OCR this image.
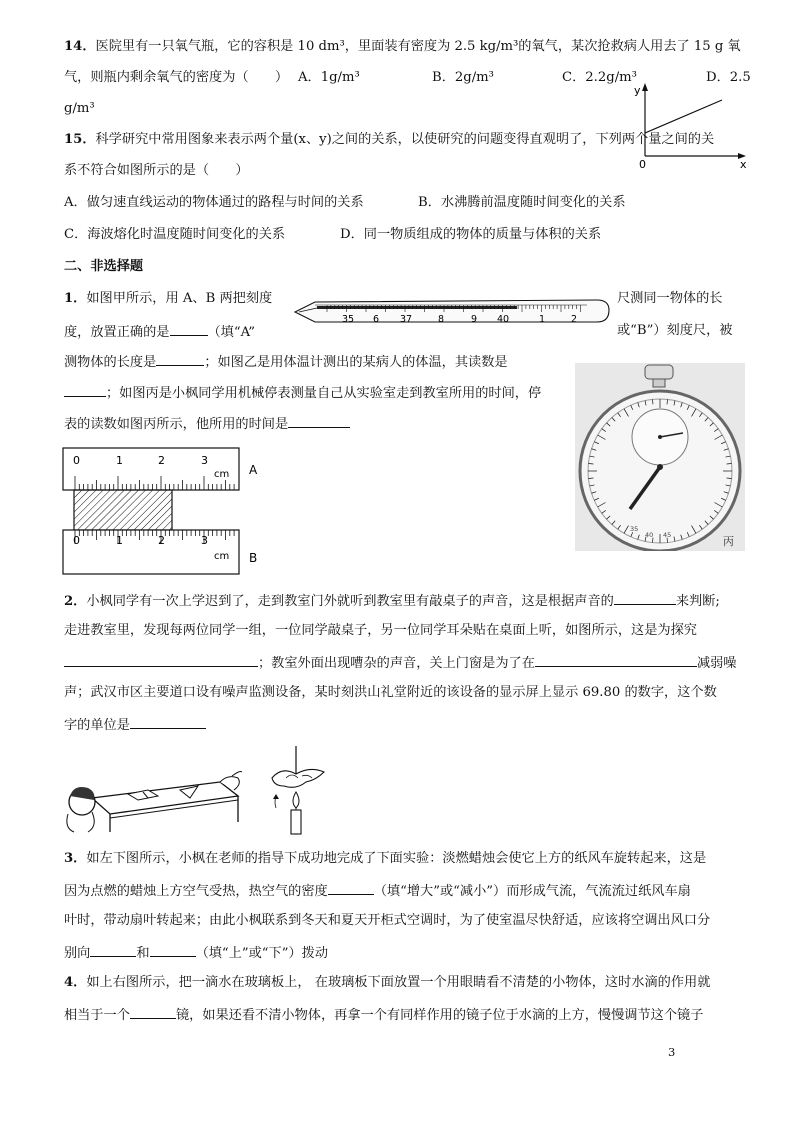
14．医院里有一只氧气瓶，它的容积是 10 dm³，里面装有密度为 2.5 kg/m³的氧气，某次抢救病人用去了 15 g 氧
气，则瓶内剩余氧气的密度为（　　） A．1g/m³	B．2g/m³	C．2.2g/m³	D．2.5
g/m³
y
x
0
15．科学研究中常用图象来表示两个量(x、y)之间的关系，以使研究的问题变得直观明了，下列两个量之间的关
系不符合如图所示的是（　　）
A．做匀速直线运动的物体通过的路程与时间的关系	B．水沸腾前温度随时间变化的关系
C．海波熔化时温度随时间变化的关系	D．同一物质组成的物体的质量与体积的关系
二、非选择题
1．如图甲所示，用 A、B 两把刻度	尺测同一物体的长
度，放置正确的是	（填“A”	或“B”）刻度尺，被
测物体的长度是	；如图乙是用体温计测出的某病人的体温，其读数是
；如图丙是小枫同学用机械停表测量自己从实验室走到教室所用的时间，停
表的读数如图丙所示，他所用的时间是
35 6 37	8	9 40	1	2
0	1	2	3
cm A
0	1	2	3
cm B
35
40 45	丙
2．小枫同学有一次上学迟到了，走到教室门外就听到教室里有敲桌子的声音，这是根据声音的	来判断;
走进教室里，发现每两位同学一组，一位同学敲桌子，另一位同学耳朵贴在桌面上听，如图所示，这是为探究
；教室外面出现嘈杂的声音，关上门窗是为了在	减弱噪
声；武汉市区主要道口设有噪声监测设备，某时刻洪山礼堂附近的该设备的显示屏上显示 69.80 的数字，这个数
字的单位是
3．如左下图所示，小枫在老师的指导下成功地完成了下面实验：淡燃蜡烛会使它上方的纸风车旋转起来，这是
因为点燃的蜡烛上方空气受热，热空气的密度	（填“增大”或“减小”）而形成气流，气流流过纸风车扇
叶时，带动扇叶转起来；由此小枫联系到冬天和夏天开柜式空调时，为了使室温尽快舒适，应该将空调出风口分
别向	和	（填“上”或“下”）拨动
4．如上右图所示，把一滴水在玻璃板上， 在玻璃板下面放置一个用眼睛看不清楚的小物体，这时水滴的作用就
相当于一个	镜，如果还看不清小物体，再拿一个有同样作用的镜子位于水滴的上方，慢慢调节这个镜子
3
